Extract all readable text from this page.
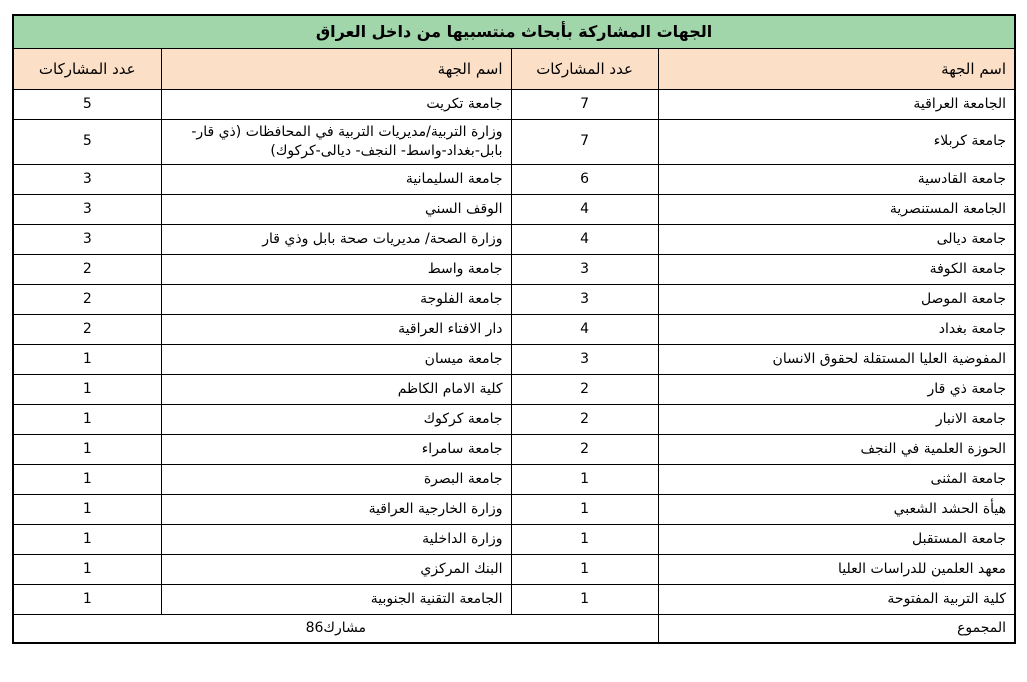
الجهات المشاركة بأبحاث منتسبيها من داخل العراق			
اسم الجهة	عدد المشاركات	اسم الجهة	عدد المشاركات
الجامعة العراقية	7	جامعة تكريت	5
جامعة كربلاء	7	وزارة التربية/مديريات التربية في المحافظات (ذي قار- بابل-بغداد-واسط- النجف- ديالى-كركوك)	5
جامعة القادسية	6	جامعة السليمانية	3
الجامعة المستنصرية	4	الوقف السني	3
جامعة ديالى	4	وزارة الصحة/ مديريات صحة بابل وذي قار	3
جامعة الكوفة	3	جامعة واسط	2
جامعة الموصل	3	جامعة الفلوجة	2
جامعة بغداد	4	دار الافتاء العراقية	2
المفوضية العليا المستقلة لحقوق الانسان	3	جامعة ميسان	1
جامعة ذي قار	2	كلية الامام الكاظم	1
جامعة الانبار	2	جامعة كركوك	1
الحوزة العلمية في النجف	2	جامعة سامراء	1
جامعة المثنى	1	جامعة البصرة	1
هيأة الحشد الشعبي	1	وزارة الخارجية العراقية	1
جامعة المستقبل	1	وزارة الداخلية	1
معهد العلمين للدراسات العليا	1	البنك المركزي	1
كلية التربية المفتوحة	1	الجامعة التقنية الجنوبية	1
المجموع	مشارك86		
